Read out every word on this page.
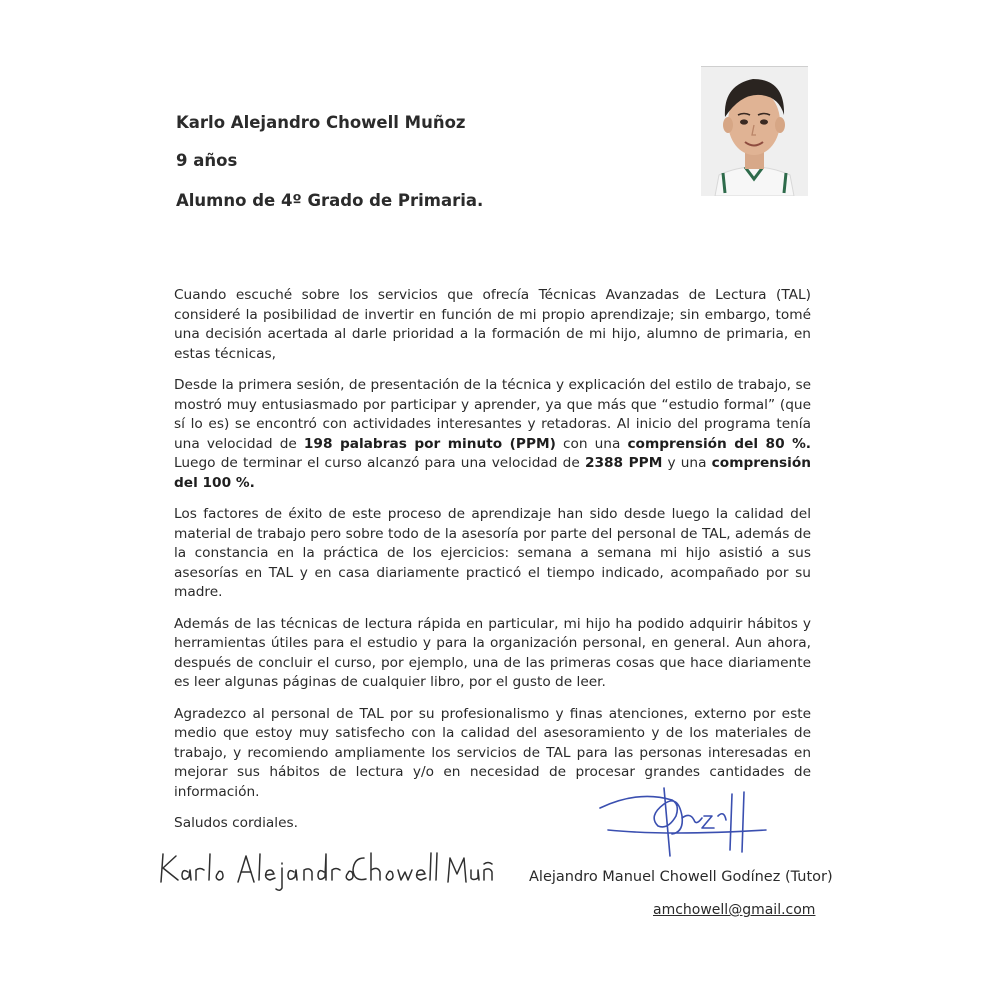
Karlo Alejandro Chowell Muñoz
9 años
Alumno de 4º Grado de Primaria.

Cuando escuché sobre los servicios que ofrecía Técnicas Avanzadas de Lectura (TAL) consideré la posibilidad de invertir en función de mi propio aprendizaje; sin embargo, tomé una decisión acertada al darle prioridad a la formación de mi hijo, alumno de primaria, en estas técnicas,

Desde la primera sesión, de presentación de la técnica y explicación del estilo de trabajo, se mostró muy entusiasmado por participar y aprender, ya que más que “estudio formal” (que sí lo es) se encontró con actividades interesantes y retadoras. Al inicio del programa tenía una velocidad de 198 palabras por minuto (PPM) con una comprensión del 80 %. Luego de terminar el curso alcanzó para una velocidad de 2388 PPM y una comprensión del 100 %.

Los factores de éxito de este proceso de aprendizaje han sido desde luego la calidad del material de trabajo pero sobre todo de la asesoría por parte del personal de TAL, además de la constancia en la práctica de los ejercicios: semana a semana mi hijo asistió a sus asesorías en TAL y en casa diariamente practicó el tiempo indicado, acompañado por su madre.

Además de las técnicas de lectura rápida en particular, mi hijo ha podido adquirir hábitos y herramientas útiles para el estudio y para la organización personal, en general. Aun ahora, después de concluir el curso, por ejemplo, una de las primeras cosas que hace diariamente es leer algunas páginas de cualquier libro, por el gusto de leer.

Agradezco al personal de TAL por su profesionalismo y finas atenciones, externo por este medio que estoy muy satisfecho con la calidad del asesoramiento y de los materiales de trabajo, y recomiendo ampliamente los servicios de TAL para las personas interesadas en mejorar sus hábitos de lectura y/o en necesidad de procesar grandes cantidades de información.

Saludos cordiales.

Alejandro Manuel Chowell Godínez (Tutor)
amchowell@gmail.com
